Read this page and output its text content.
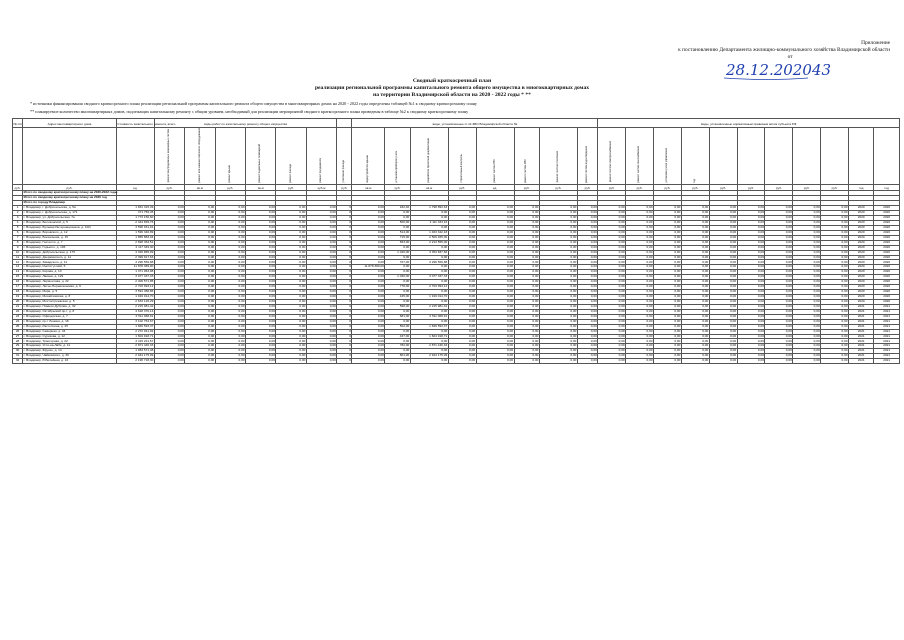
Приложение
к постановлению Департамента жилищно-коммунального хозяйства Владимирской области
от
28.12.2020 43
Сводный краткосрочный план
реализации региональной программы капитального ремонта общего имущества в многоквартирных домах
на территории Владимирской области на 2020 - 2022 годы * **
* источники финансирования сводного краткосрочного плана реализации региональной программы капитального ремонта общего имущества в многоквартирных домах на 2020 - 2022 годы определены таблицей №1 к сводному краткосрочному плану
** планируемое количество многоквартирных домов, подлежащих капитальному ремонту с общим уровнем, необходимый для реализации мероприятий сводного краткосрочного плана приведены в таблице №2 к сводному краткосрочному плану
№ п/п	Адрес многоквартирного дома	Стоимость капитального ремонта, всего	виды работ по капитальному ремонту общего имущества							виды, установленные ст.14 ЗВО Владимирской области №								виды, установленные нормативным правовым актом субъекта РФ										
			ремонт внутридомовых инженерных систем	ремонт или замена лифтового оборудования	ремонт крыши	ремонт подвальных помещений	ремонт фасада	ремонт фундамента	утепление фасада	переустройство крыши	установка приборов учета	разработка проектной документации	строительный контроль	ремонт систем ГВС	ремонт систем ХВС	ремонт систем отопления	ремонт систем водоотведения	ремонт систем электроснабжения	ремонт систем газоснабжения	установка узлов управления	год							
руб.	руб.	ед.	руб.	кв.м	руб.	кв.м	руб.	куб.м	руб.	кв.м	руб.	кв.м	руб.	ед.	руб.	руб.	руб.	руб.	руб.	руб.	руб.	руб.	руб.	руб.	руб.	руб.	год	год
	Итого по сводному краткосрочному плану на 2020-2022 годы																											
	Итого по сводному краткосрочному плану на 2020 год																											
	Итого по городу Владимир																											
1	г. Владимир, г. Добросельская, д. 5а	1 831 315,49	0,00	0,00	0,00	0,00	0,00	0,00	0	0,00	182,40	1 798 893,63	0,00	0,00	0,00	0,00	0,00	0,00	0,00	0,00	0,00	0,00	0,00	0,00	0,00	0,00	2020	2020
2	г. Владимир, г. Добросельская, д. 171	471 756,45	0,00	0,00	0,00	0,00	0,00	0,00	0	0,00	0,00	0,00	0,00	0,00	0,00	0,00	0,00	0,00	0,00	0,00	0,00	0,00	0,00	0,00	0,00	0,00	2020	2020
3	г. Владимир, ул. Добросельская, 7а	1 773 156,60	0,00	0,00	0,00	0,00	0,00	0,00	0	0,00	0,00	0,00	0,00	0,00	0,00	0,00	0,00	0,00	0,00	0,00	0,00	0,00	0,00	0,00	0,00	0,00	2020	2020
4	г. Владимир, Белоконской, д. 5	2 444 839,76	0,00	0,00	0,00	0,00	0,00	0,00	0	0,00	506,00	2 111 333,16	0,00	0,00	0,00	0,00	0,00	0,00	0,00	0,00	0,00	0,00	0,00	0,00	0,00	0,00	2020	2020
5	г. Владимир, Бульвар Интернационала, д. 10/1	4 596 931,91	0,00	0,00	0,00	0,00	0,00	0,00	0	0,00	0,00	0,00	0,00	0,00	0,00	0,00	0,00	0,00	0,00	0,00	0,00	0,00	0,00	0,00	0,00	0,00	2020	2020
6	г. Владимир, Воровского, д. 12	1 596 346,89	0,00	0,00	0,00	0,00	0,00	0,00	0	0,00	514,00	1 463 342,18	0,00	0,00	0,00	0,00	0,00	0,00	0,00	0,00	0,00	0,00	0,00	0,00	0,00	0,00	2020	2020
7	г. Владимир, Вокзальная, д. 15	1 855 883,94	0,00	0,00	0,00	0,00	0,00	0,00	0	0,00	715,00	2 509 465,00	0,00	0,00	0,00	0,00	0,00	0,00	0,00	0,00	0,00	0,00	0,00	0,00	0,00	0,00	2020	2020
8	г. Владимир, Гастелло, д. 7	2 828 453,51	0,00	0,00	0,00	0,00	0,00	0,00	0	0,00	653,00	2 213 555,00	0,00	0,00	0,00	0,00	0,00	0,00	0,00	0,00	0,00	0,00	0,00	0,00	0,00	0,00	2020	2020
9	г. Владимир, Горького, д. 106	2 117 349,30	0,00	0,00	0,00	0,00	0,00	0,00	0	0,00	0,00	0,00	0,00	0,00	0,00	0,00	0,00	0,00	0,00	0,00	0,00	0,00	0,00	0,00	0,00	0,00	2020	2020
10	г. Владимир, Добросельская, д. 175	4 326 865,99	0,00	0,00	0,00	0,00	0,00	0,00	0	0,00	1 040,00	3 353 837,66	0,00	0,00	0,00	0,00	0,00	0,00	0,00	0,00	0,00	0,00	0,00	0,00	0,00	0,00	2020	2020
11	г. Владимир, Дзержинского, д. 11	2 399 917,63	0,00	0,00	0,00	0,00	0,00	0,00	0	0,00	0,00	0,00	0,00	0,00	0,00	0,00	0,00	0,00	0,00	0,00	0,00	0,00	0,00	0,00	0,00	0,00	2020	2020
12	г. Владимир, Завадского, д. 11	3 296 559,88	0,00	0,00	0,00	0,00	0,00	0,00	0	0,00	767,00	3 296 559,88	0,00	0,00	0,00	0,00	0,00	0,00	0,00	0,00	0,00	0,00	0,00	0,00	0,00	0,00	2020	2020
13	г. Владимир, Институтский, 5	11 878 389,00	0,00	0,00	0,00	0,00	0,00	0,00	0	11 878 389,00	0,00	0,00	0,00	0,00	0,00	0,00	0,00	0,00	0,00	0,00	0,00	0,00	0,00	0,00	0,00	0,00	2020	2020
14	г. Владимир, Кирова, д. 10	1 371 063,98	0,00	0,00	0,00	0,00	0,00	0,00	0	0,00	0,00	0,00	0,00	0,00	0,00	0,00	0,00	0,00	0,00	0,00	0,00	0,00	0,00	0,00	0,00	0,00	2020	2020
15	г. Владимир, Лакина, д. 129	3 077 337,33	0,00	0,00	0,00	0,00	0,00	0,00	0	0,00	1 030,00	3 077 337,33	0,00	0,00	0,00	0,00	0,00	0,00	0,00	0,00	0,00	0,00	0,00	0,00	0,00	0,00	2020	2020
16	г. Владимир, Лермонтова, д. 22	2 409 571,85	0,00	0,00	0,00	0,00	0,00	0,00	0	0,00	0,00	0,00	0,00	0,00	0,00	0,00	0,00	0,00	0,00	0,00	0,00	0,00	0,00	0,00	0,00	0,00	2020	2020
17	г. Владимир, Летне-Перевозинская, д. 9	2 703 993,12	0,00	0,00	0,00	0,00	0,00	0,00	0	0,00	778,00	2 703 993,12	0,00	0,00	0,00	0,00	0,00	0,00	0,00	0,00	0,00	0,00	0,00	0,00	0,00	0,00	2020	2020
18	г. Владимир, Мира, д. 5	3 591 458,86	0,00	0,00	0,00	0,00	0,00	0,00	0	0,00	0,00	0,00	0,00	0,00	0,00	0,00	0,00	0,00	0,00	0,00	0,00	0,00	0,00	0,00	0,00	0,00	2020	2020
19	г. Владимир, Михайловская, д. 8	1 919 014,70	0,00	0,00	0,00	0,00	0,00	0,00	0	0,00	445,00	1 919 014,70	0,00	0,00	0,00	0,00	0,00	0,00	0,00	0,00	0,00	0,00	0,00	0,00	0,00	0,00	2020	2020
20	г. Владимир, Мостостроевская, д. 5	2 633 126,29	0,00	0,00	0,00	0,00	0,00	0,00	0	0,00	0,00	0,00	0,00	0,00	0,00	0,00	0,00	0,00	0,00	0,00	0,00	0,00	0,00	0,00	0,00	0,00	2020	2020
21	г. Владимир, Нижняя Дуброва, д. 32	2 215 981,42	0,00	0,00	0,00	0,00	0,00	0,00	0	0,00	598,00	2 215 981,42	0,00	0,00	0,00	0,00	0,00	0,00	0,00	0,00	0,00	0,00	0,00	0,00	0,00	0,00	2021	2021
22	г. Владимир, Октябрьский пр-т, д. 8	4 618 376,14	0,00	0,00	0,00	0,00	0,00	0,00	0	0,00	0,00	0,00	0,00	0,00	0,00	0,00	0,00	0,00	0,00	0,00	0,00	0,00	0,00	0,00	0,00	0,00	2021	2021
23	г. Владимир, Офицерская, д. 7	2 511 068,91	0,00	0,00	0,00	0,00	0,00	0,00	0	0,00	681,00	2 511 068,91	0,00	0,00	0,00	0,00	0,00	0,00	0,00	0,00	0,00	0,00	0,00	0,00	0,00	0,00	2021	2021
24	г. Владимир, пр-т Ленина, д. 18	3 102 754,67	0,00	0,00	0,00	0,00	0,00	0,00	0	0,00	0,00	0,00	0,00	0,00	0,00	0,00	0,00	0,00	0,00	0,00	0,00	0,00	0,00	0,00	0,00	0,00	2021	2021
25	г. Владимир, Растопчина, д. 25	1 846 593,37	0,00	0,00	0,00	0,00	0,00	0,00	0	0,00	502,00	1 846 593,37	0,00	0,00	0,00	0,00	0,00	0,00	0,00	0,00	0,00	0,00	0,00	0,00	0,00	0,00	2021	2021
26	г. Владимир, Северная, д. 44	2 272 041,02	0,00	0,00	0,00	0,00	0,00	0,00	0	0,00	0,00	0,00	0,00	0,00	0,00	0,00	0,00	0,00	0,00	0,00	0,00	0,00	0,00	0,00	0,00	0,00	2021	2021
27	г. Владимир, Сурикова, д. 12	1 604 918,71	0,00	0,00	0,00	0,00	0,00	0,00	0	0,00	437,00	1 604 918,71	0,00	0,00	0,00	0,00	0,00	0,00	0,00	0,00	0,00	0,00	0,00	0,00	0,00	0,00	2021	2021
28	г. Владимир, Тракторная, д. 22	3 415 221,57	0,00	0,00	0,00	0,00	0,00	0,00	0	0,00	0,00	0,00	0,00	0,00	0,00	0,00	0,00	0,00	0,00	0,00	0,00	0,00	0,00	0,00	0,00	0,00	2021	2021
29	г. Владимир, Усти-на-Лабе, д. 11	2 871 446,33	0,00	0,00	0,00	0,00	0,00	0,00	0	0,00	782,00	2 871 446,33	0,00	0,00	0,00	0,00	0,00	0,00	0,00	0,00	0,00	0,00	0,00	0,00	0,00	0,00	2021	2021
30	г. Владимир, Фрунзе, д. 14	1 983 571,48	0,00	0,00	0,00	0,00	0,00	0,00	0	0,00	0,00	0,00	0,00	0,00	0,00	0,00	0,00	0,00	0,00	0,00	0,00	0,00	0,00	0,00	0,00	0,00	2021	2021
31	г. Владимир, Чайковского, д. 36	2 944 175,09	0,00	0,00	0,00	0,00	0,00	0,00	0	0,00	801,00	2 944 175,09	0,00	0,00	0,00	0,00	0,00	0,00	0,00	0,00	0,00	0,00	0,00	0,00	0,00	0,00	2021	2021
32	г. Владимир, Юбилейная, д. 16	2 196 718,30	0,00	0,00	0,00	0,00	0,00	0,00	0	0,00	0,00	0,00	0,00	0,00	0,00	0,00	0,00	0,00	0,00	0,00	0,00	0,00	0,00	0,00	0,00	0,00	2021	2021
